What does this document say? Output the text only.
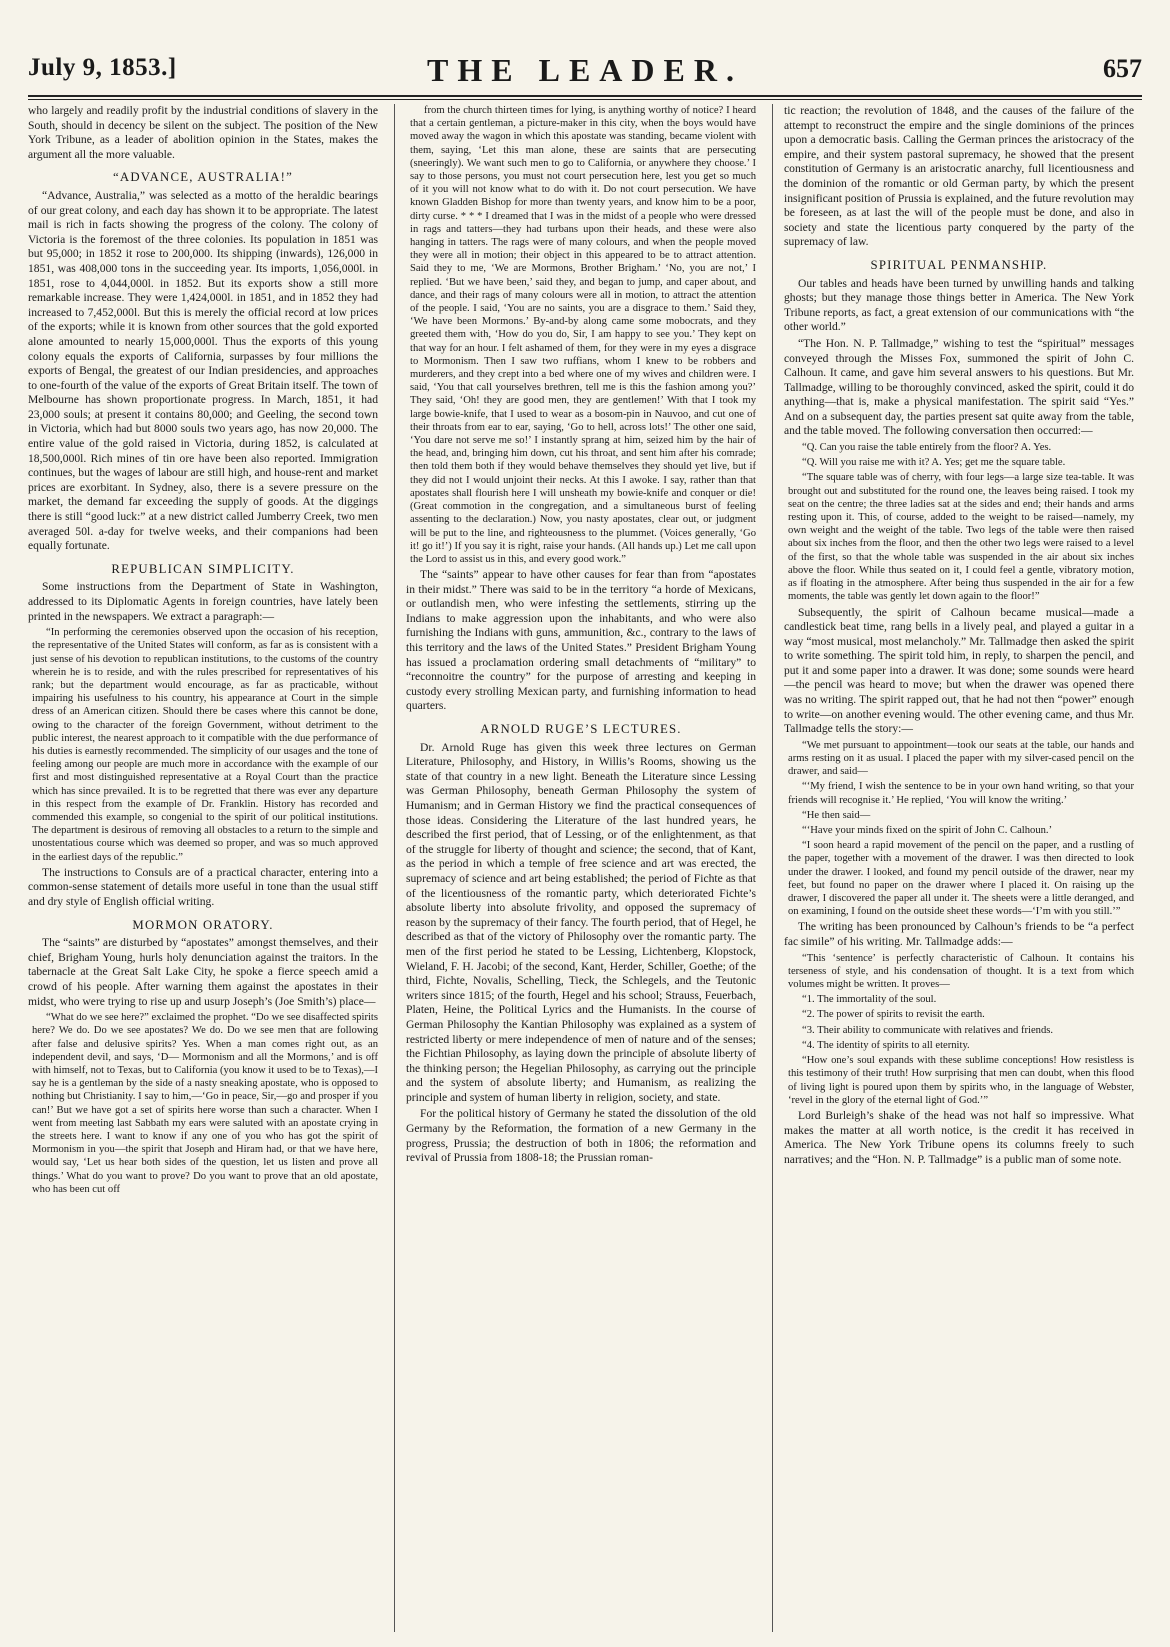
July 9, 1853.]	THE LEADER.	657

who largely and readily profit by the industrial conditions of slavery in the South, should in decency be silent on the subject. The position of the New York Tribune, as a leader of abolition opinion in the States, makes the argument all the more valuable.

“ADVANCE, AUSTRALIA!”

“Advance, Australia,” was selected as a motto of the heraldic bearings of our great colony, and each day has shown it to be appropriate. The latest mail is rich in facts showing the progress of the colony. The colony of Victoria is the foremost of the three colonies. Its population in 1851 was but 95,000; in 1852 it rose to 200,000. Its shipping (inwards), 126,000 in 1851, was 408,000 tons in the succeeding year. Its imports, 1,056,000l. in 1851, rose to 4,044,000l. in 1852. But its exports show a still more remarkable increase. They were 1,424,000l. in 1851, and in 1852 they had increased to 7,452,000l. But this is merely the official record at low prices of the exports; while it is known from other sources that the gold exported alone amounted to nearly 15,000,000l. Thus the exports of this young colony equals the exports of California, surpasses by four millions the exports of Bengal, the greatest of our Indian presidencies, and approaches to one-fourth of the value of the exports of Great Britain itself. The town of Melbourne has shown proportionate progress. In March, 1851, it had 23,000 souls; at present it contains 80,000; and Geeling, the second town in Victoria, which had but 8000 souls two years ago, has now 20,000. The entire value of the gold raised in Victoria, during 1852, is calculated at 18,500,000l. Rich mines of tin ore have been also reported. Immigration continues, but the wages of labour are still high, and house-rent and market prices are exorbitant. In Sydney, also, there is a severe pressure on the market, the demand far exceeding the supply of goods. At the diggings there is still “good luck:” at a new district called Jumberry Creek, two men averaged 50l. a-day for twelve weeks, and their companions had been equally fortunate.

REPUBLICAN SIMPLICITY.

Some instructions from the Department of State in Washington, addressed to its Diplomatic Agents in foreign countries, have lately been printed in the newspapers. We extract a paragraph:—

“In performing the ceremonies observed upon the occasion of his reception, the representative of the United States will conform, as far as is consistent with a just sense of his devotion to republican institutions, to the customs of the country wherein he is to reside, and with the rules prescribed for representatives of his rank; but the department would encourage, as far as practicable, without impairing his usefulness to his country, his appearance at Court in the simple dress of an American citizen. Should there be cases where this cannot be done, owing to the character of the foreign Government, without detriment to the public interest, the nearest approach to it compatible with the due performance of his duties is earnestly recommended. The simplicity of our usages and the tone of feeling among our people are much more in accordance with the example of our first and most distinguished representative at a Royal Court than the practice which has since prevailed. It is to be regretted that there was ever any departure in this respect from the example of Dr. Franklin. History has recorded and commended this example, so congenial to the spirit of our political institutions. The department is desirous of removing all obstacles to a return to the simple and unostentatious course which was deemed so proper, and was so much approved in the earliest days of the republic.”

The instructions to Consuls are of a practical character, entering into a common-sense statement of details more useful in tone than the usual stiff and dry style of English official writing.

MORMON ORATORY.

The “saints” are disturbed by “apostates” amongst themselves, and their chief, Brigham Young, hurls holy denunciation against the traitors. In the tabernacle at the Great Salt Lake City, he spoke a fierce speech amid a crowd of his people. After warning them against the apostates in their midst, who were trying to rise up and usurp Joseph’s (Joe Smith’s) place—

“What do we see here?” exclaimed the prophet. “Do we see disaffected spirits here? We do. Do we see apostates? We do. Do we see men that are following after false and delusive spirits? Yes. When a man comes right out, as an independent devil, and says, ‘D— Mormonism and all the Mormons,’ and is off with himself, not to Texas, but to California (you know it used to be to Texas),—I say he is a gentleman by the side of a nasty sneaking apostate, who is opposed to nothing but Christianity. I say to him,—‘Go in peace, Sir,—go and prosper if you can!’ But we have got a set of spirits here worse than such a character. When I went from meeting last Sabbath my ears were saluted with an apostate crying in the streets here. I want to know if any one of you who has got the spirit of Mormonism in you—the spirit that Joseph and Hiram had, or that we have here, would say, ‘Let us hear both sides of the question, let us listen and prove all things.’ What do you want to prove? Do you want to prove that an old apostate, who has been cut off

from the church thirteen times for lying, is anything worthy of notice? I heard that a certain gentleman, a picture-maker in this city, when the boys would have moved away the wagon in which this apostate was standing, became violent with them, saying, ‘Let this man alone, these are saints that are persecuting (sneeringly). We want such men to go to California, or anywhere they choose.’ I say to those persons, you must not court persecution here, lest you get so much of it you will not know what to do with it. Do not court persecution. We have known Gladden Bishop for more than twenty years, and know him to be a poor, dirty curse. * * * I dreamed that I was in the midst of a people who were dressed in rags and tatters—they had turbans upon their heads, and these were also hanging in tatters. The rags were of many colours, and when the people moved they were all in motion; their object in this appeared to be to attract attention. Said they to me, ‘We are Mormons, Brother Brigham.’ ‘No, you are not,’ I replied. ‘But we have been,’ said they, and began to jump, and caper about, and dance, and their rags of many colours were all in motion, to attract the attention of the people. I said, ‘You are no saints, you are a disgrace to them.’ Said they, ‘We have been Mormons.’ By-and-by along came some mobocrats, and they greeted them with, ‘How do you do, Sir, I am happy to see you.’ They kept on that way for an hour. I felt ashamed of them, for they were in my eyes a disgrace to Mormonism. Then I saw two ruffians, whom I knew to be robbers and murderers, and they crept into a bed where one of my wives and children were. I said, ‘You that call yourselves brethren, tell me is this the fashion among you?’ They said, ‘Oh! they are good men, they are gentlemen!’ With that I took my large bowie-knife, that I used to wear as a bosom-pin in Nauvoo, and cut one of their throats from ear to ear, saying, ‘Go to hell, across lots!’ The other one said, ‘You dare not serve me so!’ I instantly sprang at him, seized him by the hair of the head, and, bringing him down, cut his throat, and sent him after his comrade; then told them both if they would behave themselves they should yet live, but if they did not I would unjoint their necks. At this I awoke. I say, rather than that apostates shall flourish here I will unsheath my bowie-knife and conquer or die! (Great commotion in the congregation, and a simultaneous burst of feeling assenting to the declaration.) Now, you nasty apostates, clear out, or judgment will be put to the line, and righteousness to the plummet. (Voices generally, ‘Go it! go it!’) If you say it is right, raise your hands. (All hands up.) Let me call upon the Lord to assist us in this, and every good work.”

The “saints” appear to have other causes for fear than from “apostates in their midst.” There was said to be in the territory “a horde of Mexicans, or outlandish men, who were infesting the settlements, stirring up the Indians to make aggression upon the inhabitants, and who were also furnishing the Indians with guns, ammunition, &c., contrary to the laws of this territory and the laws of the United States.” President Brigham Young has issued a proclamation ordering small detachments of “military” to “reconnoitre the country” for the purpose of arresting and keeping in custody every strolling Mexican party, and furnishing information to head quarters.

ARNOLD RUGE’S LECTURES.

Dr. Arnold Ruge has given this week three lectures on German Literature, Philosophy, and History, in Willis’s Rooms, showing us the state of that country in a new light. Beneath the Literature since Lessing was German Philosophy, beneath German Philosophy the system of Humanism; and in German History we find the practical consequences of those ideas. Considering the Literature of the last hundred years, he described the first period, that of Lessing, or of the enlightenment, as that of the struggle for liberty of thought and science; the second, that of Kant, as the period in which a temple of free science and art was erected, the supremacy of science and art being established; the period of Fichte as that of the licentiousness of the romantic party, which deteriorated Fichte’s absolute liberty into absolute frivolity, and opposed the supremacy of reason by the supremacy of their fancy. The fourth period, that of Hegel, he described as that of the victory of Philosophy over the romantic party. The men of the first period he stated to be Lessing, Lichtenberg, Klopstock, Wieland, F. H. Jacobi; of the second, Kant, Herder, Schiller, Goethe; of the third, Fichte, Novalis, Schelling, Tieck, the Schlegels, and the Teutonic writers since 1815; of the fourth, Hegel and his school; Strauss, Feuerbach, Platen, Heine, the Political Lyrics and the Humanists. In the course of German Philosophy the Kantian Philosophy was explained as a system of restricted liberty or mere independence of men of nature and of the senses; the Fichtian Philosophy, as laying down the principle of absolute liberty of the thinking person; the Hegelian Philosophy, as carrying out the principle and the system of absolute liberty; and Humanism, as realizing the principle and system of human liberty in religion, society, and state.

For the political history of Germany he stated the dissolution of the old Germany by the Reformation, the formation of a new Germany in the progress, Prussia; the destruction of both in 1806; the reformation and revival of Prussia from 1808-18; the Prussian roman-

tic reaction; the revolution of 1848, and the causes of the failure of the attempt to reconstruct the empire and the single dominions of the princes upon a democratic basis. Calling the German princes the aristocracy of the empire, and their system pastoral supremacy, he showed that the present constitution of Germany is an aristocratic anarchy, full licentiousness and the dominion of the romantic or old German party, by which the present insignificant position of Prussia is explained, and the future revolution may be foreseen, as at last the will of the people must be done, and also in society and state the licentious party conquered by the party of the supremacy of law.

SPIRITUAL PENMANSHIP.

Our tables and heads have been turned by unwilling hands and talking ghosts; but they manage those things better in America. The New York Tribune reports, as fact, a great extension of our communications with “the other world.”

“The Hon. N. P. Tallmadge,” wishing to test the “spiritual” messages conveyed through the Misses Fox, summoned the spirit of John C. Calhoun. It came, and gave him several answers to his questions. But Mr. Tallmadge, willing to be thoroughly convinced, asked the spirit, could it do anything—that is, make a physical manifestation. The spirit said “Yes.” And on a subsequent day, the parties present sat quite away from the table, and the table moved. The following conversation then occurred:—

“Q. Can you raise the table entirely from the floor? A. Yes.

“Q. Will you raise me with it? A. Yes; get me the square table.

“The square table was of cherry, with four legs—a large size tea-table. It was brought out and substituted for the round one, the leaves being raised. I took my seat on the centre; the three ladies sat at the sides and end; their hands and arms resting upon it. This, of course, added to the weight to be raised—namely, my own weight and the weight of the table. Two legs of the table were then raised about six inches from the floor, and then the other two legs were raised to a level of the first, so that the whole table was suspended in the air about six inches above the floor. While thus seated on it, I could feel a gentle, vibratory motion, as if floating in the atmosphere. After being thus suspended in the air for a few moments, the table was gently let down again to the floor!”

Subsequently, the spirit of Calhoun became musical—made a candlestick beat time, rang bells in a lively peal, and played a guitar in a way “most musical, most melancholy.” Mr. Tallmadge then asked the spirit to write something. The spirit told him, in reply, to sharpen the pencil, and put it and some paper into a drawer. It was done; some sounds were heard—the pencil was heard to move; but when the drawer was opened there was no writing. The spirit rapped out, that he had not then “power” enough to write—on another evening would. The other evening came, and thus Mr. Tallmadge tells the story:—

“We met pursuant to appointment—took our seats at the table, our hands and arms resting on it as usual. I placed the paper with my silver-cased pencil on the drawer, and said—

“‘My friend, I wish the sentence to be in your own hand writing, so that your friends will recognise it.’ He replied, ‘You will know the writing.’

“He then said—

“‘Have your minds fixed on the spirit of John C. Calhoun.’

“I soon heard a rapid movement of the pencil on the paper, and a rustling of the paper, together with a movement of the drawer. I was then directed to look under the drawer. I looked, and found my pencil outside of the drawer, near my feet, but found no paper on the drawer where I placed it. On raising up the drawer, I discovered the paper all under it. The sheets were a little deranged, and on examining, I found on the outside sheet these words—‘I’m with you still.’”

The writing has been pronounced by Calhoun’s friends to be “a perfect fac simile” of his writing. Mr. Tallmadge adds:—

“This ‘sentence’ is perfectly characteristic of Calhoun. It contains his terseness of style, and his condensation of thought. It is a text from which volumes might be written. It proves—

“1. The immortality of the soul.

“2. The power of spirits to revisit the earth.

“3. Their ability to communicate with relatives and friends.

“4. The identity of spirits to all eternity.

“How one’s soul expands with these sublime conceptions! How resistless is this testimony of their truth! How surprising that men can doubt, when this flood of living light is poured upon them by spirits who, in the language of Webster, ‘revel in the glory of the eternal light of God.’”

Lord Burleigh’s shake of the head was not half so impressive. What makes the matter at all worth notice, is the credit it has received in America. The New York Tribune opens its columns freely to such narratives; and the “Hon. N. P. Tallmadge” is a public man of some note.
